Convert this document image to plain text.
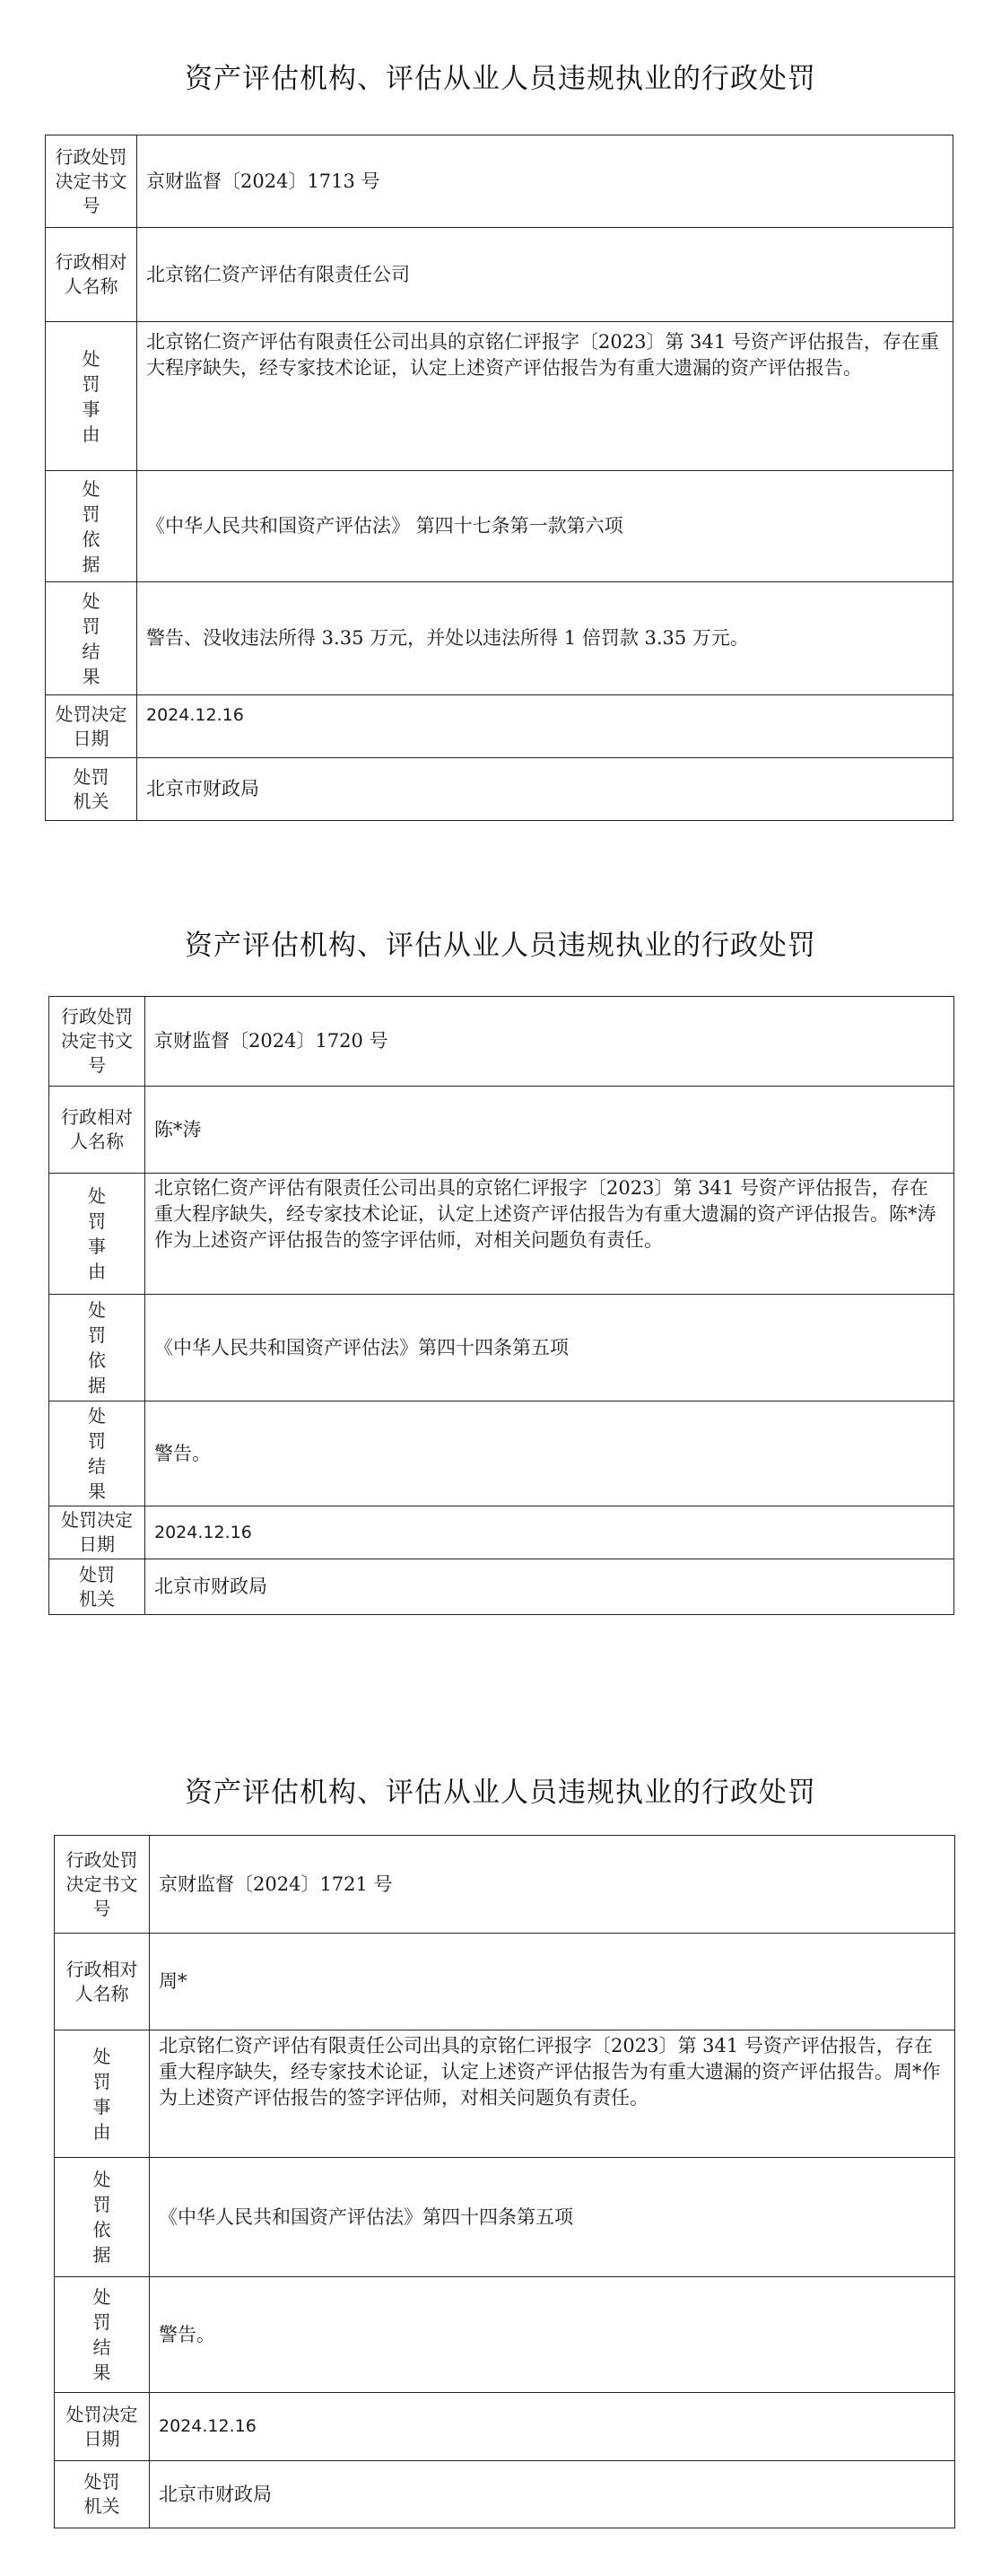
资产评估机构、评估从业人员违规执业的行政处罚
行政处罚决定书文号	京财监督〔2024〕1713 号
行政相对人名称	北京铭仁资产评估有限责任公司
处罚事由	北京铭仁资产评估有限责任公司出具的京铭仁评报字〔2023〕第 341 号资产评估报告，存在重大程序缺失，经专家技术论证，认定上述资产评估报告为有重大遗漏的资产评估报告。
处罚依据	《中华人民共和国资产评估法》 第四十七条第一款第六项
处罚结果	警告、没收违法所得 3.35 万元，并处以违法所得 1 倍罚款 3.35 万元。
处罚决定日期	2024.12.16
处罚机关	北京市财政局
资产评估机构、评估从业人员违规执业的行政处罚
行政处罚决定书文号	京财监督〔2024〕1720 号
行政相对人名称	陈*涛
处罚事由	北京铭仁资产评估有限责任公司出具的京铭仁评报字〔2023〕第 341 号资产评估报告，存在重大程序缺失，经专家技术论证，认定上述资产评估报告为有重大遗漏的资产评估报告。陈*涛作为上述资产评估报告的签字评估师，对相关问题负有责任。
处罚依据	《中华人民共和国资产评估法》第四十四条第五项
处罚结果	警告。
处罚决定日期	2024.12.16
处罚机关	北京市财政局
资产评估机构、评估从业人员违规执业的行政处罚
行政处罚决定书文号	京财监督〔2024〕1721 号
行政相对人名称	周*
处罚事由	北京铭仁资产评估有限责任公司出具的京铭仁评报字〔2023〕第 341 号资产评估报告，存在重大程序缺失，经专家技术论证，认定上述资产评估报告为有重大遗漏的资产评估报告。周*作为上述资产评估报告的签字评估师，对相关问题负有责任。
处罚依据	《中华人民共和国资产评估法》第四十四条第五项
处罚结果	警告。
处罚决定日期	2024.12.16
处罚机关	北京市财政局
